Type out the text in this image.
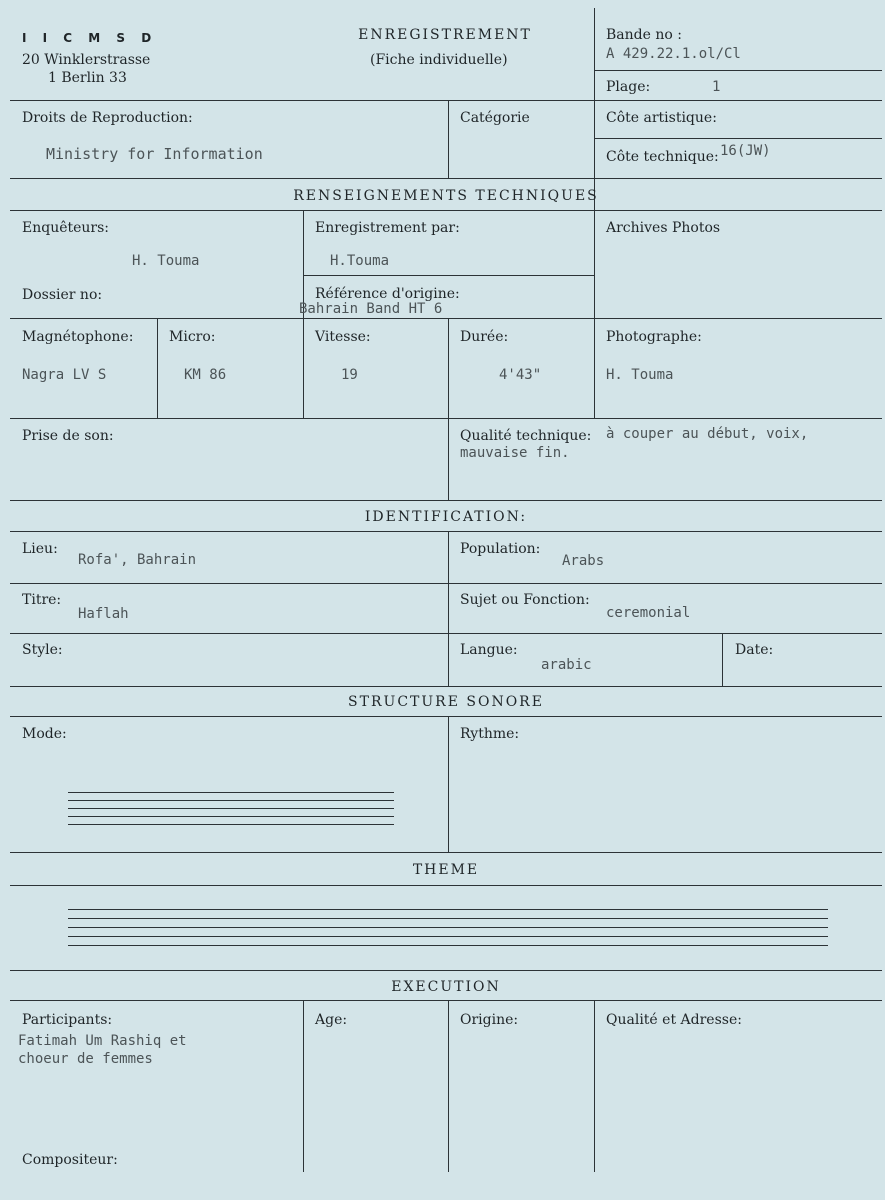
I I C M S D
20 Winklerstrasse
1 Berlin 33
ENREGISTREMENT
(Fiche individuelle)
Bande no :
A 429.22.1.ol/Cl
Plage:	1
Droits de Reproduction:
Ministry for Information
Catégorie	Côte artistique:
Côte technique: 16(JW)
RENSEIGNEMENTS TECHNIQUES
Enquêteurs:
H. Touma
Enregistrement par:
H.Touma
Archives Photos
Dossier no:	Référence d'origine:
Bahrain Band HT 6
Magnétophone:
Nagra LV S
Micro:
KM 86
Vitesse:
19
Durée:
4'43"
Photographe:
H. Touma
Prise de son:	Qualité technique: à couper au début, voix,
mauvaise fin.
IDENTIFICATION:
Lieu:
Rofa', Bahrain
Population:
Arabs
Titre:
Haflah
Sujet ou Fonction:
ceremonial
Style:	Langue:
arabic
Date:
STRUCTURE SONORE
Mode:	Rythme:
THEME
EXECUTION
Participants:
Fatimah Um Rashiq et
choeur de femmes
Age:	Origine:	Qualité et Adresse:
Compositeur:
